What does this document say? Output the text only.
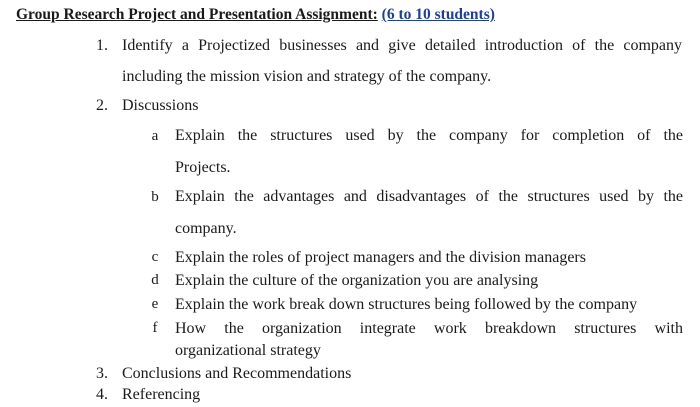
Group Research Project and Presentation Assignment: (6 to 10 students)
1. Identify a Projectized businesses and give detailed introduction of the company
including the mission vision and strategy of the company.
2. Discussions
a Explain the structures used by the company for completion of the
Projects.
b Explain the advantages and disadvantages of the structures used by the
company.
c Explain the roles of project managers and the division managers
d Explain the culture of the organization you are analysing
e Explain the work break down structures being followed by the company
f How the organization integrate work breakdown structures with
organizational strategy
3. Conclusions and Recommendations
4. Referencing
